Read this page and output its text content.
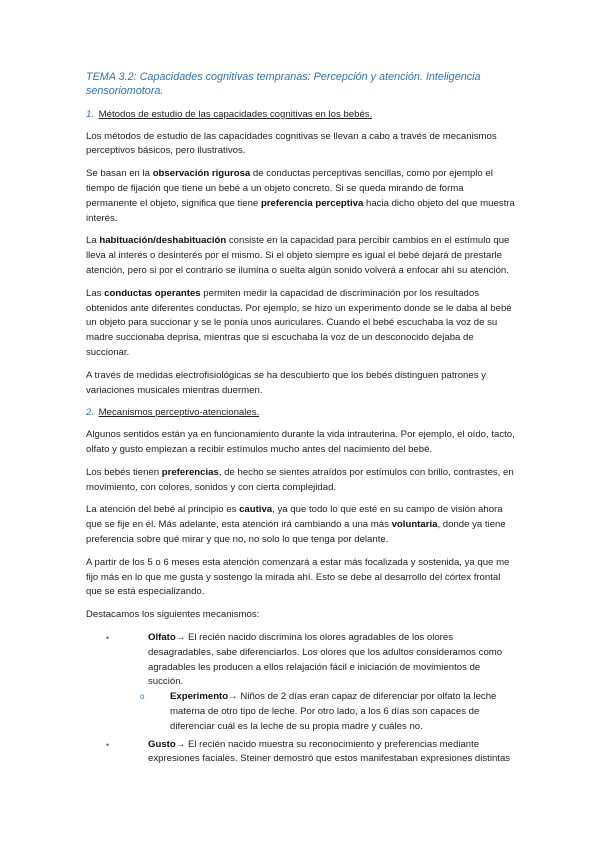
TEMA 3.2: Capacidades cognitivas tempranas: Percepción y atención. Inteligencia sensoriomotora.
1. Métodos de estudio de las capacidades cognitivas en los bebés.

Los métodos de estudio de las capacidades cognitivas se llevan a cabo a través de mecanismos perceptivos básicos, pero ilustrativos.

Se basan en la observación rigurosa de conductas perceptivas sencillas, como por ejemplo el tiempo de fijación que tiene un bebé a un objeto concreto. Si se queda mirando de forma permanente el objeto, significa que tiene preferencia perceptiva hacia dicho objeto del que muestra interés.

La habituación/deshabituación consiste en la capacidad para percibir cambios en el estímulo que lleva al interés o desinterés por el mismo. Si el objeto siempre es igual el bebé dejará de prestarle atención, pero si por el contrario se ilumina o suelta algún sonido volverá a enfocar ahí su atención.

Las conductas operantes permiten medir la capacidad de discriminación por los resultados obtenidos ante diferentes conductas. Por ejemplo, se hizo un experimento donde se le daba al bebé un objeto para succionar y se le ponía unos auriculares. Cuando el bebé escuchaba la voz de su madre succionaba deprisa, mientras que si escuchaba la voz de un desconocido dejaba de succionar.

A través de medidas electrofisiológicas se ha descubierto que los bebés distinguen patrones y variaciones musicales mientras duermen.

2. Mecanismos perceptivo-atencionales.

Algunos sentidos están ya en funcionamiento durante la vida intrauterina. Por ejemplo, el oído, tacto, olfato y gusto empiezan a recibir estímulos mucho antes del nacimiento del bebé.

Los bebés tienen preferencias, de hecho se sientes atraídos por estímulos con brillo, contrastes, en movimiento, con colores, sonidos y con cierta complejidad.

La atención del bebé al principio es cautiva, ya que todo lo que esté en su campo de visión ahora que se fije en él. Más adelante, esta atención irá cambiando a una más voluntaria, donde ya tiene preferencia sobre qué mirar y que no, no solo lo que tenga por delante.

A partir de los 5 o 6 meses esta atención comenzará a estar más focalizada y sostenida, ya que me fijo más en lo que me gusta y sostengo la mirada ahí. Esto se debe al desarrollo del córtex frontal que se está especializando.

Destacamos los siguientes mecanismos:

•	Olfato→ El recién nacido discrimina los olores agradables de los olores desagradables, sabe diferenciarlos. Los olores que los adultos consideramos como agradables les producen a ellos relajación fácil e iniciación de movimientos de succión.
o	Experimento→ Niños de 2 días eran capaz de diferenciar por olfato la leche materna de otro tipo de leche. Por otro lado, a los 6 días son capaces de diferenciar cuál es la leche de su propia madre y cuáles no.
•	Gusto→ El recién nacido muestra su reconocimiento y preferencias mediante expresiones faciales. Steiner demostró que estos manifestaban expresiones distintas
